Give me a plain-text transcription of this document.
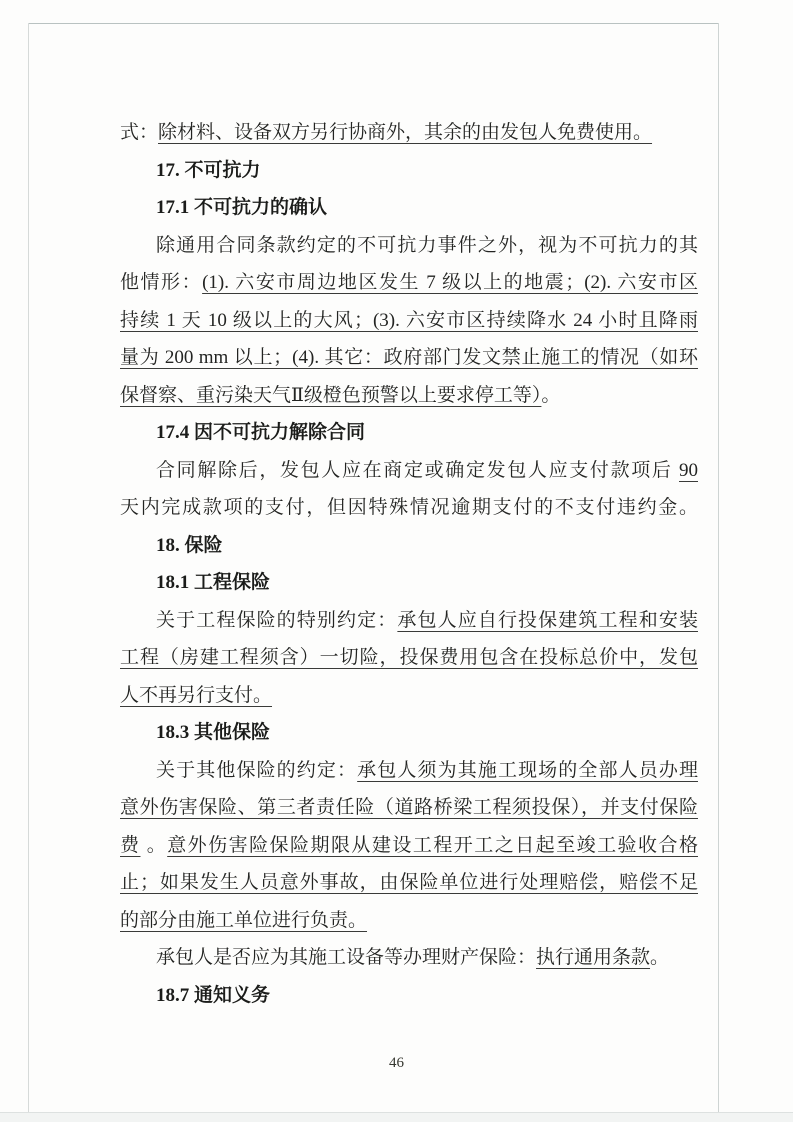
式：除材料、设备双方另行协商外，其余的由发包人免费使用。

17. 不可抗力

17.1 不可抗力的确认

除通用合同条款约定的不可抗力事件之外，视为不可抗力的其

他情形：(1). 六安市周边地区发生 7 级以上的地震；(2). 六安市区

持续 1 天 10 级以上的大风；(3). 六安市区持续降水 24 小时且降雨

量为 200 mm 以上；(4). 其它：政府部门发文禁止施工的情况（如环

保督察、重污染天气Ⅱ级橙色预警以上要求停工等）。

17.4 因不可抗力解除合同

合同解除后，发包人应在商定或确定发包人应支付款项后 90

天内完成款项的支付，但因特殊情况逾期支付的不支付违约金。

18. 保险

18.1 工程保险

关于工程保险的特别约定：承包人应自行投保建筑工程和安装

工程（房建工程须含）一切险，投保费用包含在投标总价中，发包

人不再另行支付。

18.3 其他保险

关于其他保险的约定：承包人须为其施工现场的全部人员办理

意外伤害保险、第三者责任险（道路桥梁工程须投保），并支付保险

费 。意外伤害险保险期限从建设工程开工之日起至竣工验收合格

止；如果发生人员意外事故，由保险单位进行处理赔偿，赔偿不足

的部分由施工单位进行负责。

承包人是否应为其施工设备等办理财产保险：执行通用条款。

18.7 通知义务

46
